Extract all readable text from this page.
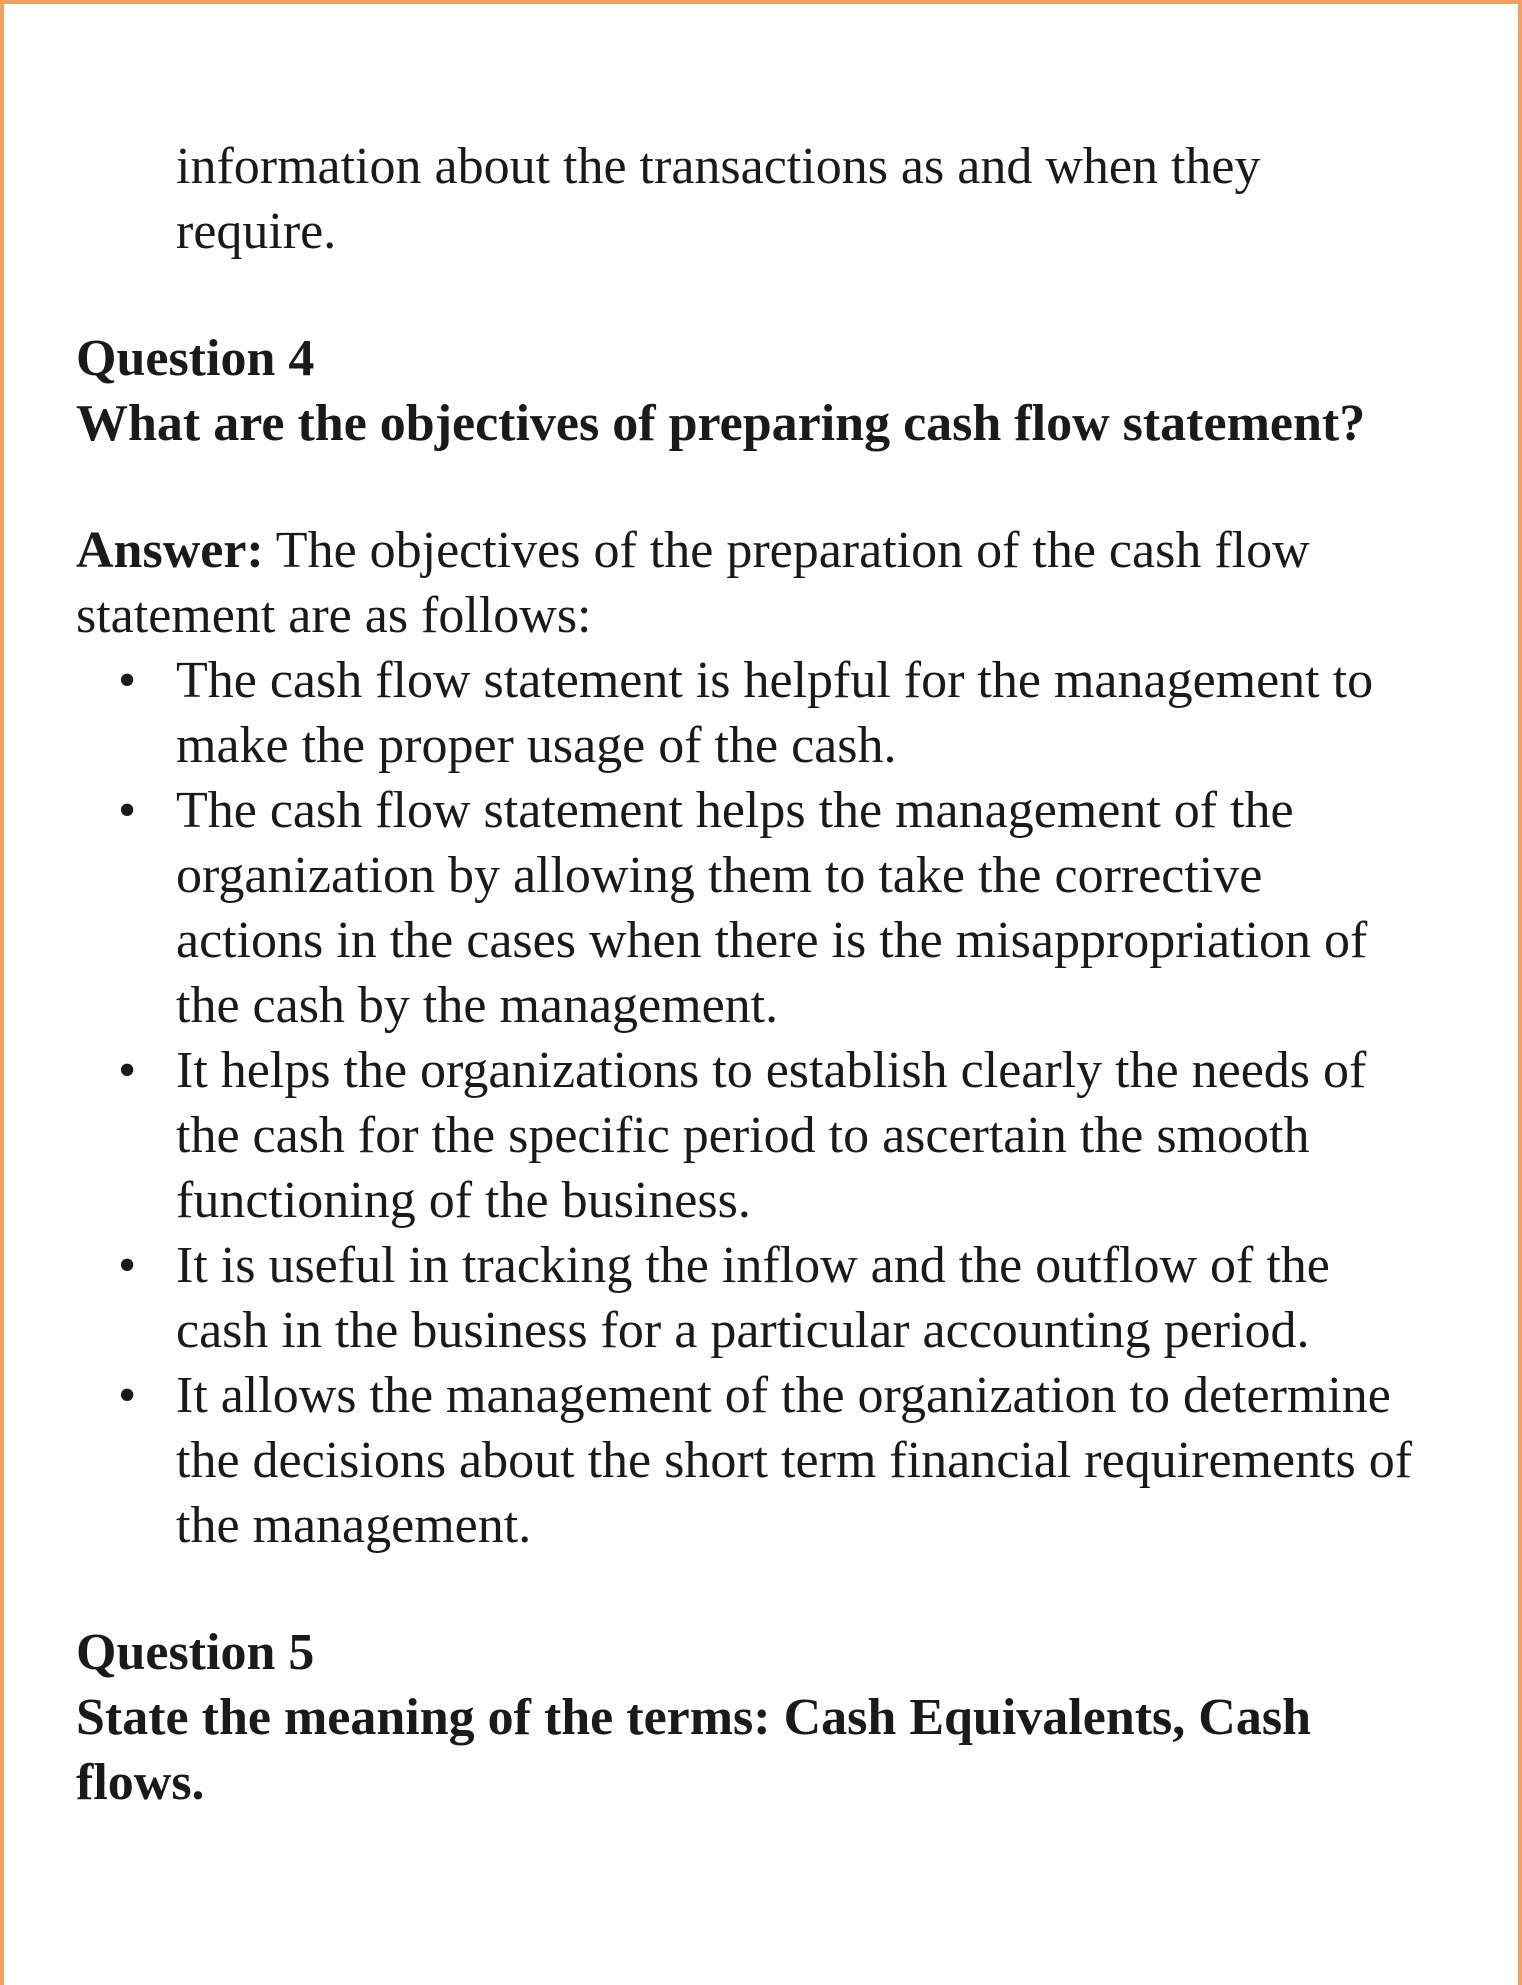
information about the transactions as and when they require.

Question 4
What are the objectives of preparing cash flow statement?
Answer: The objectives of the preparation of the cash flow statement are as follows:
• The cash flow statement is helpful for the management to make the proper usage of the cash.
• The cash flow statement helps the management of the organization by allowing them to take the corrective actions in the cases when there is the misappropriation of the cash by the management.
• It helps the organizations to establish clearly the needs of the cash for the specific period to ascertain the smooth functioning of the business.
• It is useful in tracking the inflow and the outflow of the cash in the business for a particular accounting period.
• It allows the management of the organization to determine the decisions about the short term financial requirements of the management.
Question 5
State the meaning of the terms: Cash Equivalents, Cash flows.
